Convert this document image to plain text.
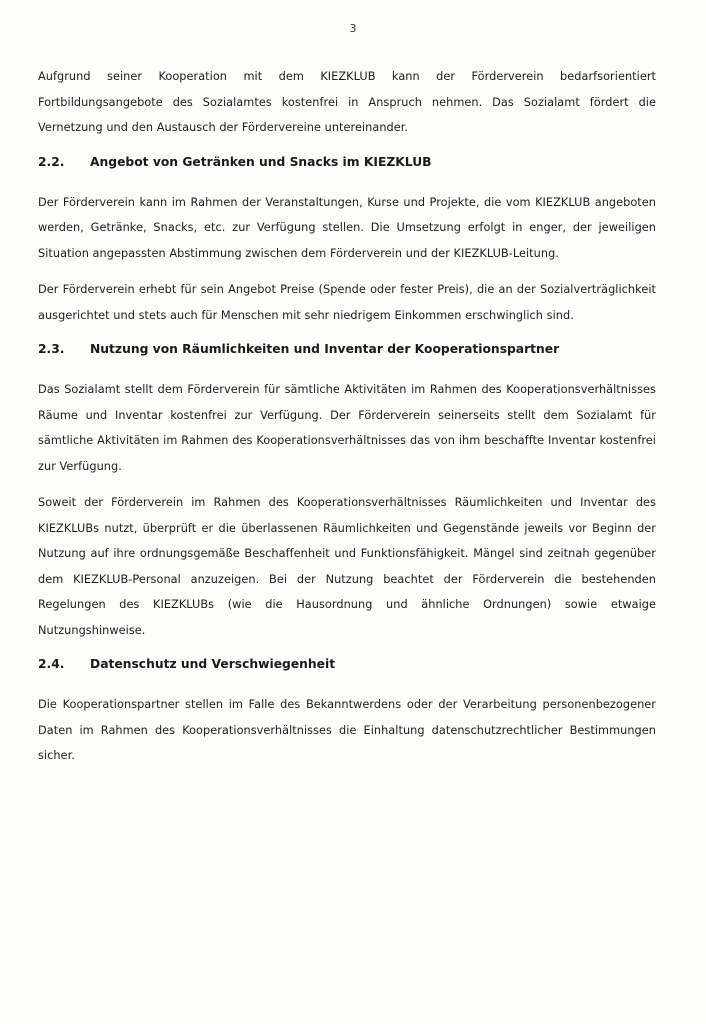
3

Aufgrund seiner Kooperation mit dem KIEZKLUB kann der Förderverein bedarfsorientiert Fortbildungsangebote des Sozialamtes kostenfrei in Anspruch nehmen. Das Sozialamt fördert die Vernetzung und den Austausch der Fördervereine untereinander.

2.2.	Angebot von Getränken und Snacks im KIEZKLUB

Der Förderverein kann im Rahmen der Veranstaltungen, Kurse und Projekte, die vom KIEZKLUB angeboten werden, Getränke, Snacks, etc. zur Verfügung stellen. Die Umsetzung erfolgt in enger, der jeweiligen Situation angepassten Abstimmung zwischen dem Förderverein und der KIEZKLUB-Leitung.

Der Förderverein erhebt für sein Angebot Preise (Spende oder fester Preis), die an der Sozialverträglichkeit ausgerichtet und stets auch für Menschen mit sehr niedrigem Einkommen erschwinglich sind.

2.3.	Nutzung von Räumlichkeiten und Inventar der Kooperationspartner

Das Sozialamt stellt dem Förderverein für sämtliche Aktivitäten im Rahmen des Kooperationsverhältnisses Räume und Inventar kostenfrei zur Verfügung. Der Förderverein seinerseits stellt dem Sozialamt für sämtliche Aktivitäten im Rahmen des Kooperationsverhältnisses das von ihm beschaffte Inventar kostenfrei zur Verfügung.

Soweit der Förderverein im Rahmen des Kooperationsverhältnisses Räumlichkeiten und Inventar des KIEZKLUBs nutzt, überprüft er die überlassenen Räumlichkeiten und Gegenstände jeweils vor Beginn der Nutzung auf ihre ordnungsgemäße Beschaffenheit und Funktionsfähigkeit. Mängel sind zeitnah gegenüber dem KIEZKLUB-Personal anzuzeigen. Bei der Nutzung beachtet der Förderverein die bestehenden Regelungen des KIEZKLUBs (wie die Hausordnung und ähnliche Ordnungen) sowie etwaige Nutzungshinweise.

2.4.	Datenschutz und Verschwiegenheit

Die Kooperationspartner stellen im Falle des Bekanntwerdens oder der Verarbeitung personenbezogener Daten im Rahmen des Kooperationsverhältnisses die Einhaltung datenschutzrechtlicher Bestimmungen sicher.
